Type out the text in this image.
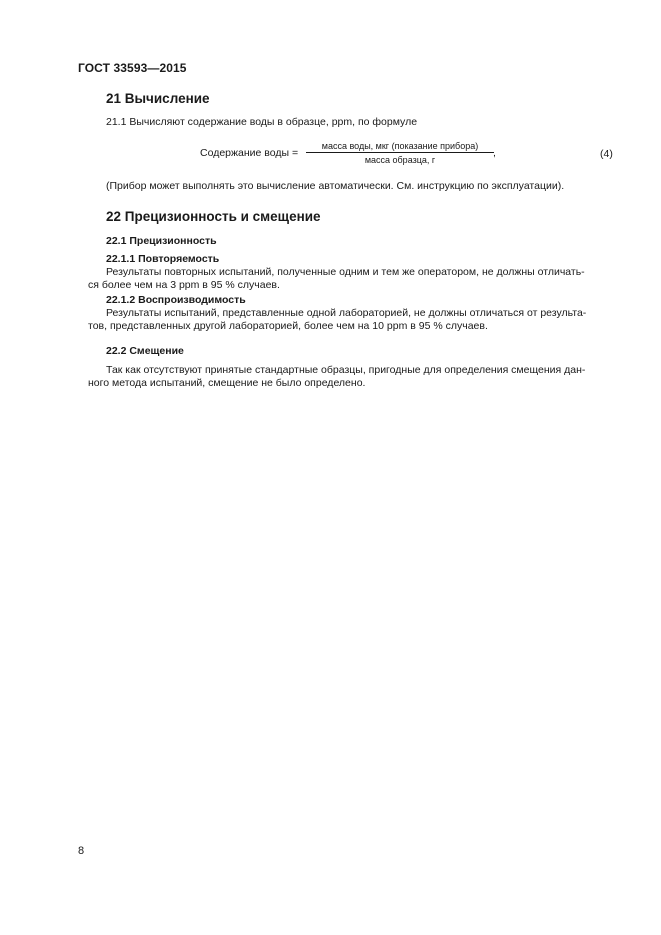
ГОСТ 33593—2015
21 Вычисление
21.1 Вычисляют содержание воды в образце, ppm, по формуле
Содержание воды =
масса воды, мкг (показание прибора)
масса образца, г
,	(4)
(Прибор может выполнять это вычисление автоматически. См. инструкцию по эксплуатации).
22 Прецизионность и смещение
22.1 Прецизионность
22.1.1 Повторяемость
Результаты повторных испытаний, полученные одним и тем же оператором, не должны отличать-
ся более чем на 3 ppm в 95 % случаев.
22.1.2 Воспроизводимость
Результаты испытаний, представленные одной лабораторией, не должны отличаться от результа-
тов, представленных другой лабораторией, более чем на 10 ppm в 95 % случаев.
22.2 Смещение
Так как отсутствуют принятые стандартные образцы, пригодные для определения смещения дан-
ного метода испытаний, смещение не было определено.
8
